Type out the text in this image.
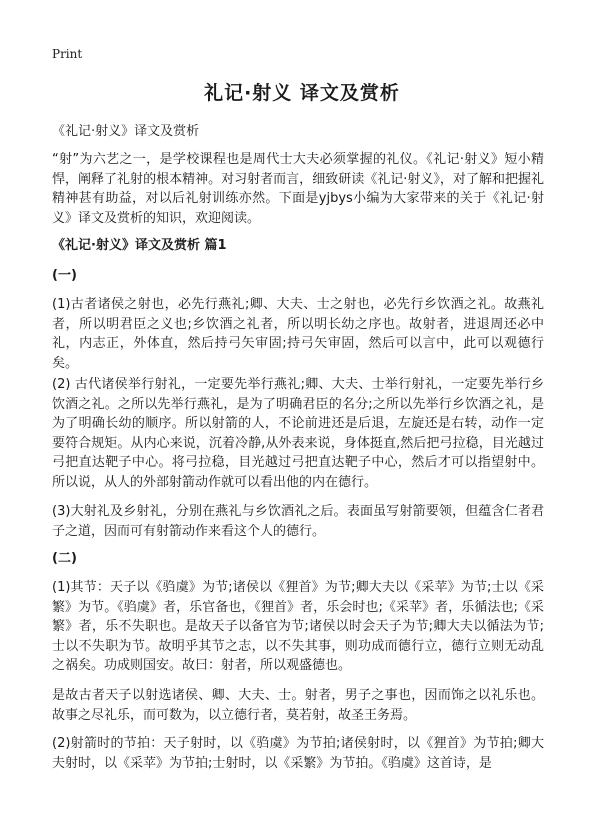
Print
礼记·射义 译文及赏析

《礼记·射义》译文及赏析

“射”为六艺之一，是学校课程也是周代士大夫必须掌握的礼仪。《礼记·射义》短小精悍，阐释了礼射的根本精神。对习射者而言，细致研读《礼记·射义》，对了解和把握礼精神甚有助益，对以后礼射训练亦然。下面是yjbys小编为大家带来的关于《礼记·射义》译文及赏析的知识，欢迎阅读。

《礼记·射义》译文及赏析 篇1

(一)

(1)古者诸侯之射也，必先行燕礼;卿、大夫、士之射也，必先行乡饮酒之礼。故燕礼者，所以明君臣之义也;乡饮酒之礼者，所以明长幼之序也。故射者，进退周还必中礼，内志正，外体直，然后持弓矢审固;持弓矢审固，然后可以言中，此可以观德行矣。

(2) 古代诸侯举行射礼，一定要先举行燕礼;卿、大夫、士举行射礼，一定要先举行乡饮酒之礼。之所以先举行燕礼，是为了明确君臣的名分;之所以先举行乡饮酒之礼，是为了明确长幼的顺序。所以射箭的人，不论前进还是后退，左旋还是右转，动作一定要符合规矩。从内心来说，沉着冷静,从外表来说，身体挺直,然后把弓拉稳，目光越过弓把直达靶子中心。将弓拉稳，目光越过弓把直达靶子中心，然后才可以指望射中。所以说，从人的外部射箭动作就可以看出他的内在德行。

(3)大射礼及乡射礼，分别在燕礼与乡饮酒礼之后。表面虽写射箭要领，但蕴含仁者君子之道，因而可有射箭动作来看这个人的德行。

(二)

(1)其节：天子以《驺虞》为节;诸侯以《狸首》为节;卿大夫以《采苹》为节;士以《采繁》为节。《驺虞》者，乐官备也，《狸首》者，乐会时也;《采苹》者，乐循法也;《采繁》者，乐不失职也。是故天子以备官为节;诸侯以时会天子为节;卿大夫以循法为节;士以不失职为节。故明乎其节之志，以不失其事，则功成而德行立，德行立则无动乱之祸矣。功成则国安。故曰：射者，所以观盛德也。

是故古者天子以射选诸侯、卿、大夫、士。射者，男子之事也，因而饰之以礼乐也。故事之尽礼乐，而可数为，以立德行者，莫若射，故圣王务焉。

(2)射箭时的节拍：天子射时，以《驺虞》为节拍;诸侯射时，以《狸首》为节拍;卿大夫射时，以《采苹》为节拍;士射时，以《采繁》为节拍。《驺虞》这首诗，是
